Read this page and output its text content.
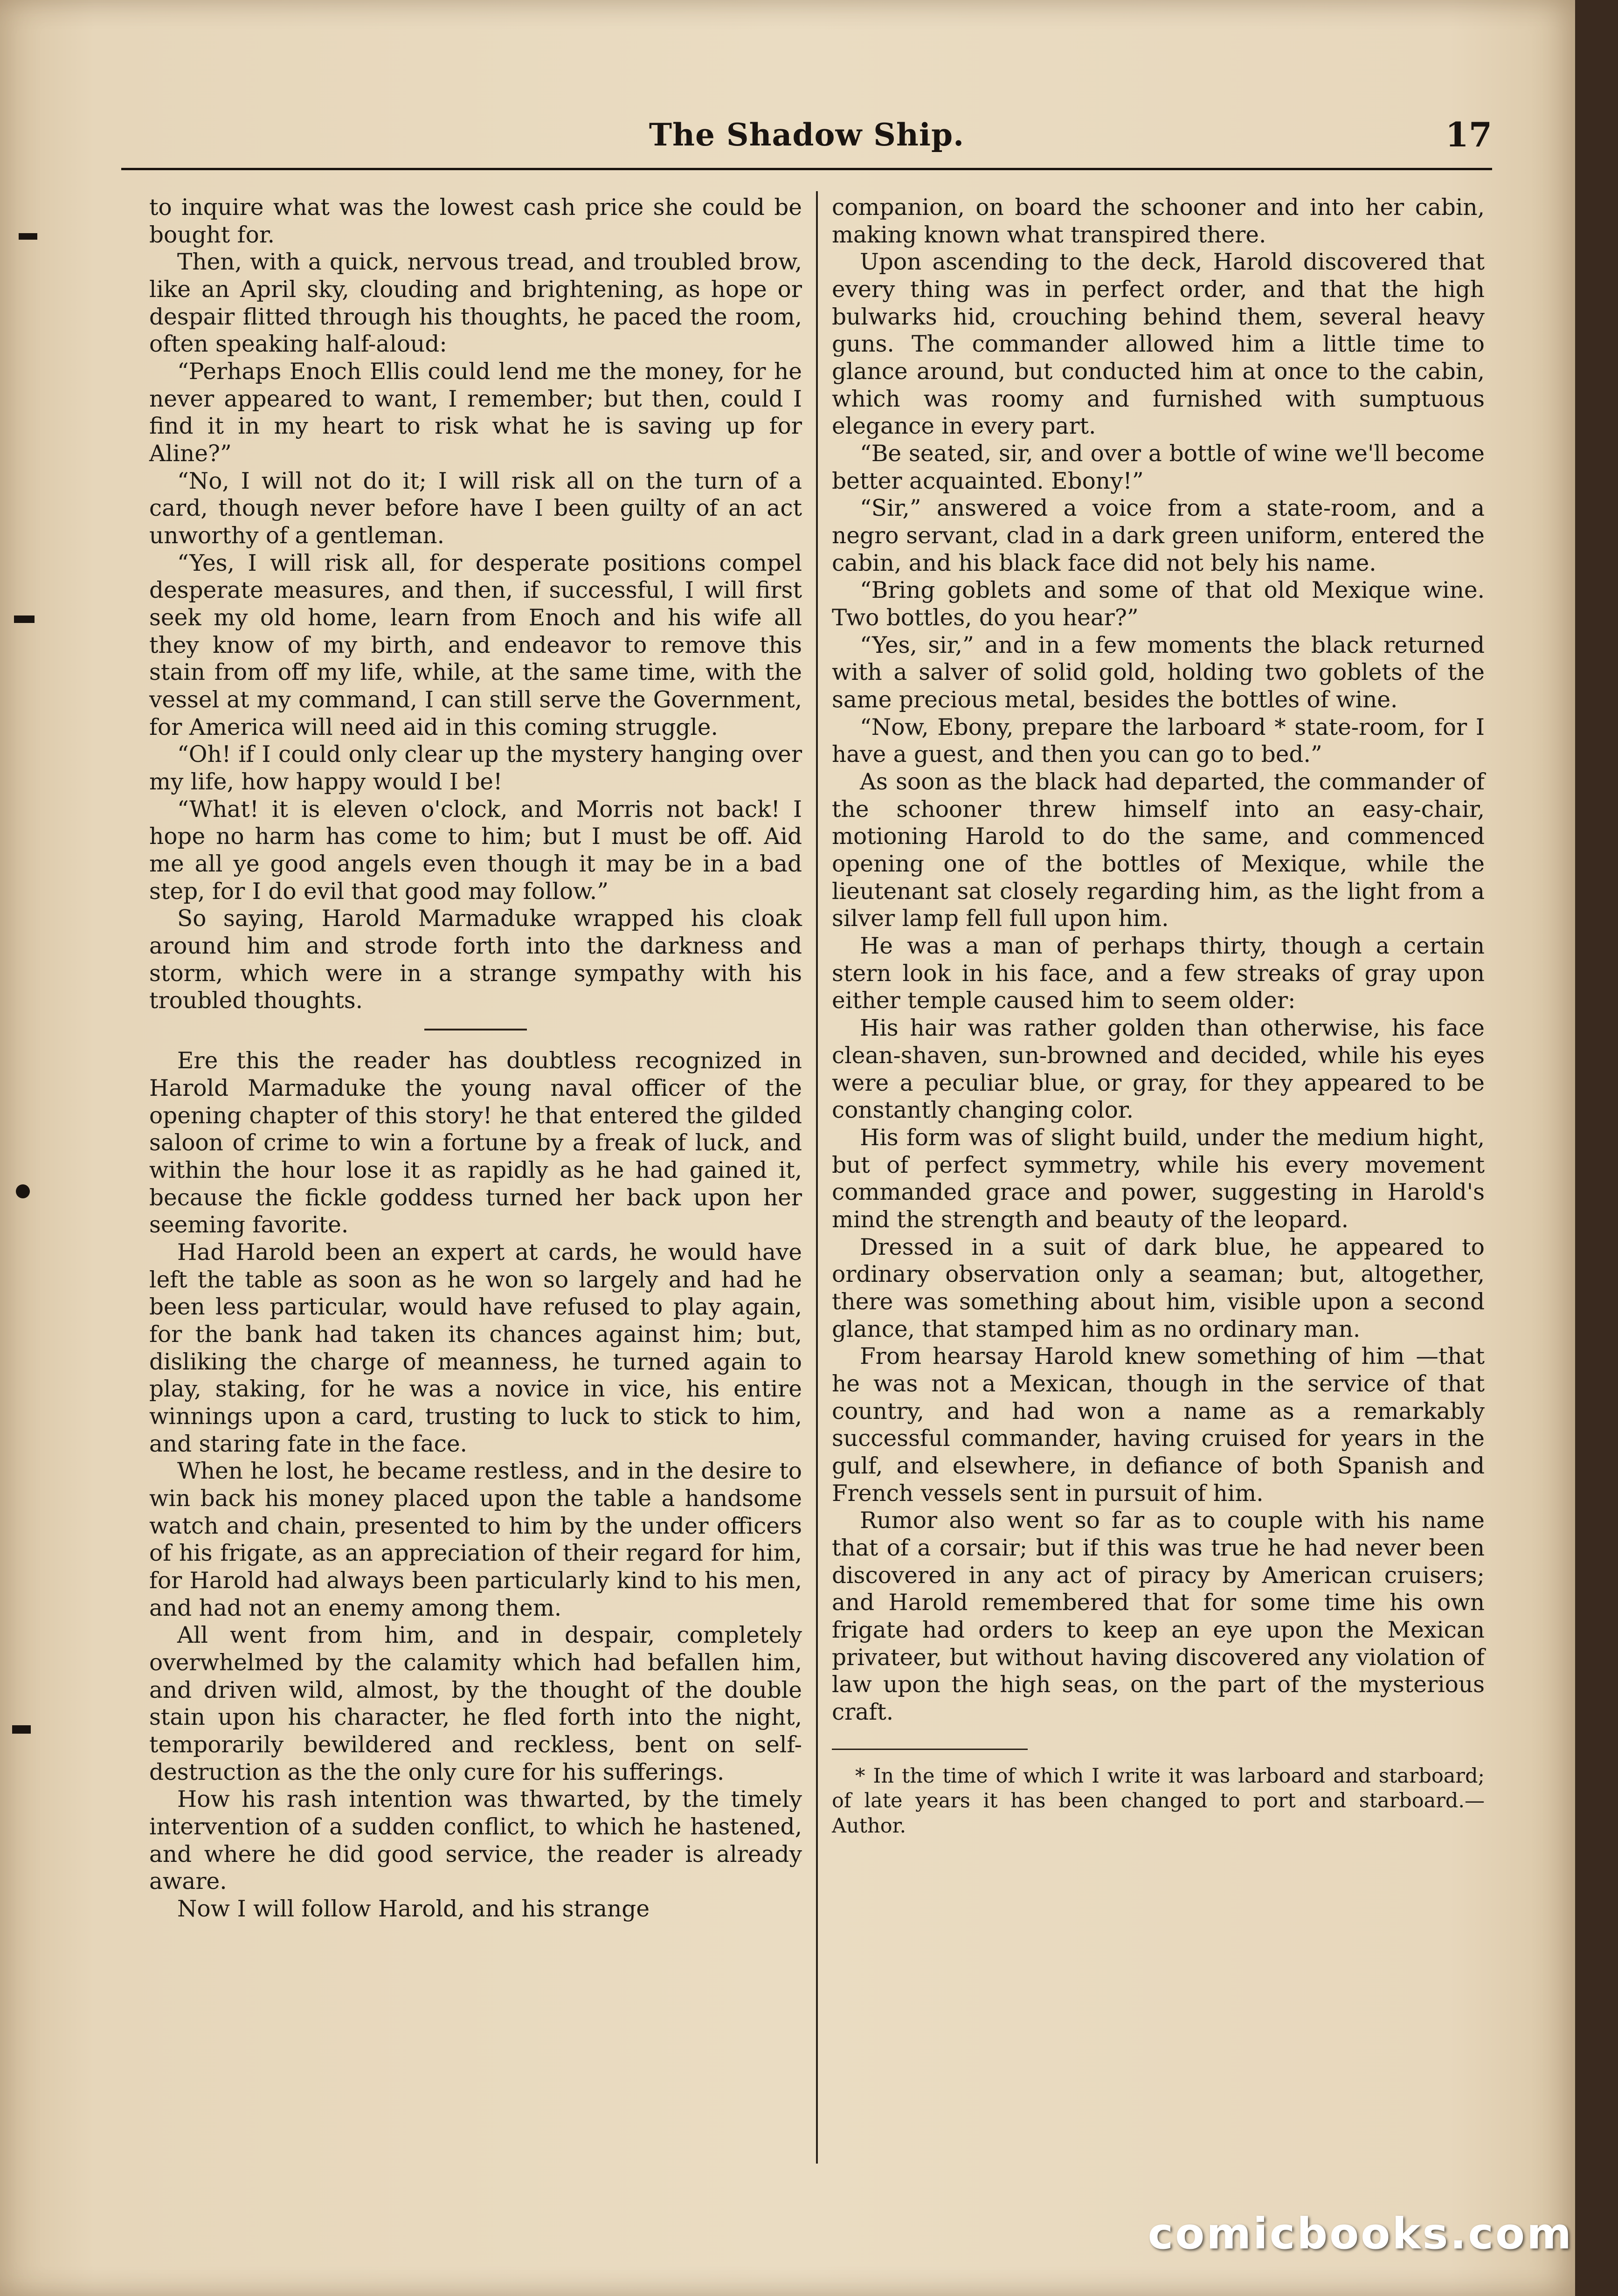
The Shadow Ship.	17

to inquire what was the lowest cash price she could be bought for.

Then, with a quick, nervous tread, and troubled brow, like an April sky, clouding and brightening, as hope or despair flitted through his thoughts, he paced the room, often speaking half-aloud:

“Perhaps Enoch Ellis could lend me the money, for he never appeared to want, I remember; but then, could I find it in my heart to risk what he is saving up for Aline?”

“No, I will not do it; I will risk all on the turn of a card, though never before have I been guilty of an act unworthy of a gentleman.

“Yes, I will risk all, for desperate positions compel desperate measures, and then, if successful, I will first seek my old home, learn from Enoch and his wife all they know of my birth, and endeavor to remove this stain from off my life, while, at the same time, with the vessel at my command, I can still serve the Government, for America will need aid in this coming struggle.

“Oh! if I could only clear up the mystery hanging over my life, how happy would I be!

“What! it is eleven o'clock, and Morris not back! I hope no harm has come to him; but I must be off. Aid me all ye good angels even though it may be in a bad step, for I do evil that good may follow.”

So saying, Harold Marmaduke wrapped his cloak around him and strode forth into the darkness and storm, which were in a strange sympathy with his troubled thoughts.

Ere this the reader has doubtless recognized in Harold Marmaduke the young naval officer of the opening chapter of this story! he that entered the gilded saloon of crime to win a fortune by a freak of luck, and within the hour lose it as rapidly as he had gained it, because the fickle goddess turned her back upon her seeming favorite.

Had Harold been an expert at cards, he would have left the table as soon as he won so largely and had he been less particular, would have refused to play again, for the bank had taken its chances against him; but, disliking the charge of meanness, he turned again to play, staking, for he was a novice in vice, his entire winnings upon a card, trusting to luck to stick to him, and staring fate in the face.

When he lost, he became restless, and in the desire to win back his money placed upon the table a handsome watch and chain, presented to him by the under officers of his frigate, as an appreciation of their regard for him, for Harold had always been particularly kind to his men, and had not an enemy among them.

All went from him, and in despair, completely overwhelmed by the calamity which had befallen him, and driven wild, almost, by the thought of the double stain upon his character, he fled forth into the night, temporarily bewildered and reckless, bent on self-destruction as the the only cure for his sufferings.

How his rash intention was thwarted, by the timely intervention of a sudden conflict, to which he hastened, and where he did good service, the reader is already aware.

Now I will follow Harold, and his strange

companion, on board the schooner and into her cabin, making known what transpired there.

Upon ascending to the deck, Harold discovered that every thing was in perfect order, and that the high bulwarks hid, crouching behind them, several heavy guns. The commander allowed him a little time to glance around, but conducted him at once to the cabin, which was roomy and furnished with sumptuous elegance in every part.

“Be seated, sir, and over a bottle of wine we'll become better acquainted. Ebony!”

“Sir,” answered a voice from a state-room, and a negro servant, clad in a dark green uniform, entered the cabin, and his black face did not bely his name.

“Bring goblets and some of that old Mexique wine. Two bottles, do you hear?”

“Yes, sir,” and in a few moments the black returned with a salver of solid gold, holding two goblets of the same precious metal, besides the bottles of wine.

“Now, Ebony, prepare the larboard * state-room, for I have a guest, and then you can go to bed.”

As soon as the black had departed, the commander of the schooner threw himself into an easy-chair, motioning Harold to do the same, and commenced opening one of the bottles of Mexique, while the lieutenant sat closely regarding him, as the light from a silver lamp fell full upon him.

He was a man of perhaps thirty, though a certain stern look in his face, and a few streaks of gray upon either temple caused him to seem older:

His hair was rather golden than otherwise, his face clean-shaven, sun-browned and decided, while his eyes were a peculiar blue, or gray, for they appeared to be constantly changing color.

His form was of slight build, under the medium hight, but of perfect symmetry, while his every movement commanded grace and power, suggesting in Harold's mind the strength and beauty of the leopard.

Dressed in a suit of dark blue, he appeared to ordinary observation only a seaman; but, altogether, there was something about him, visible upon a second glance, that stamped him as no ordinary man.

From hearsay Harold knew something of him —that he was not a Mexican, though in the service of that country, and had won a name as a remarkably successful commander, having cruised for years in the gulf, and elsewhere, in defiance of both Spanish and French vessels sent in pursuit of him.

Rumor also went so far as to couple with his name that of a corsair; but if this was true he had never been discovered in any act of piracy by American cruisers; and Harold remembered that for some time his own frigate had orders to keep an eye upon the Mexican privateer, but without having discovered any violation of law upon the high seas, on the part of the mysterious craft.

* In the time of which I write it was larboard and starboard; of late years it has been changed to port and starboard.—Author.
comicbooks.com
